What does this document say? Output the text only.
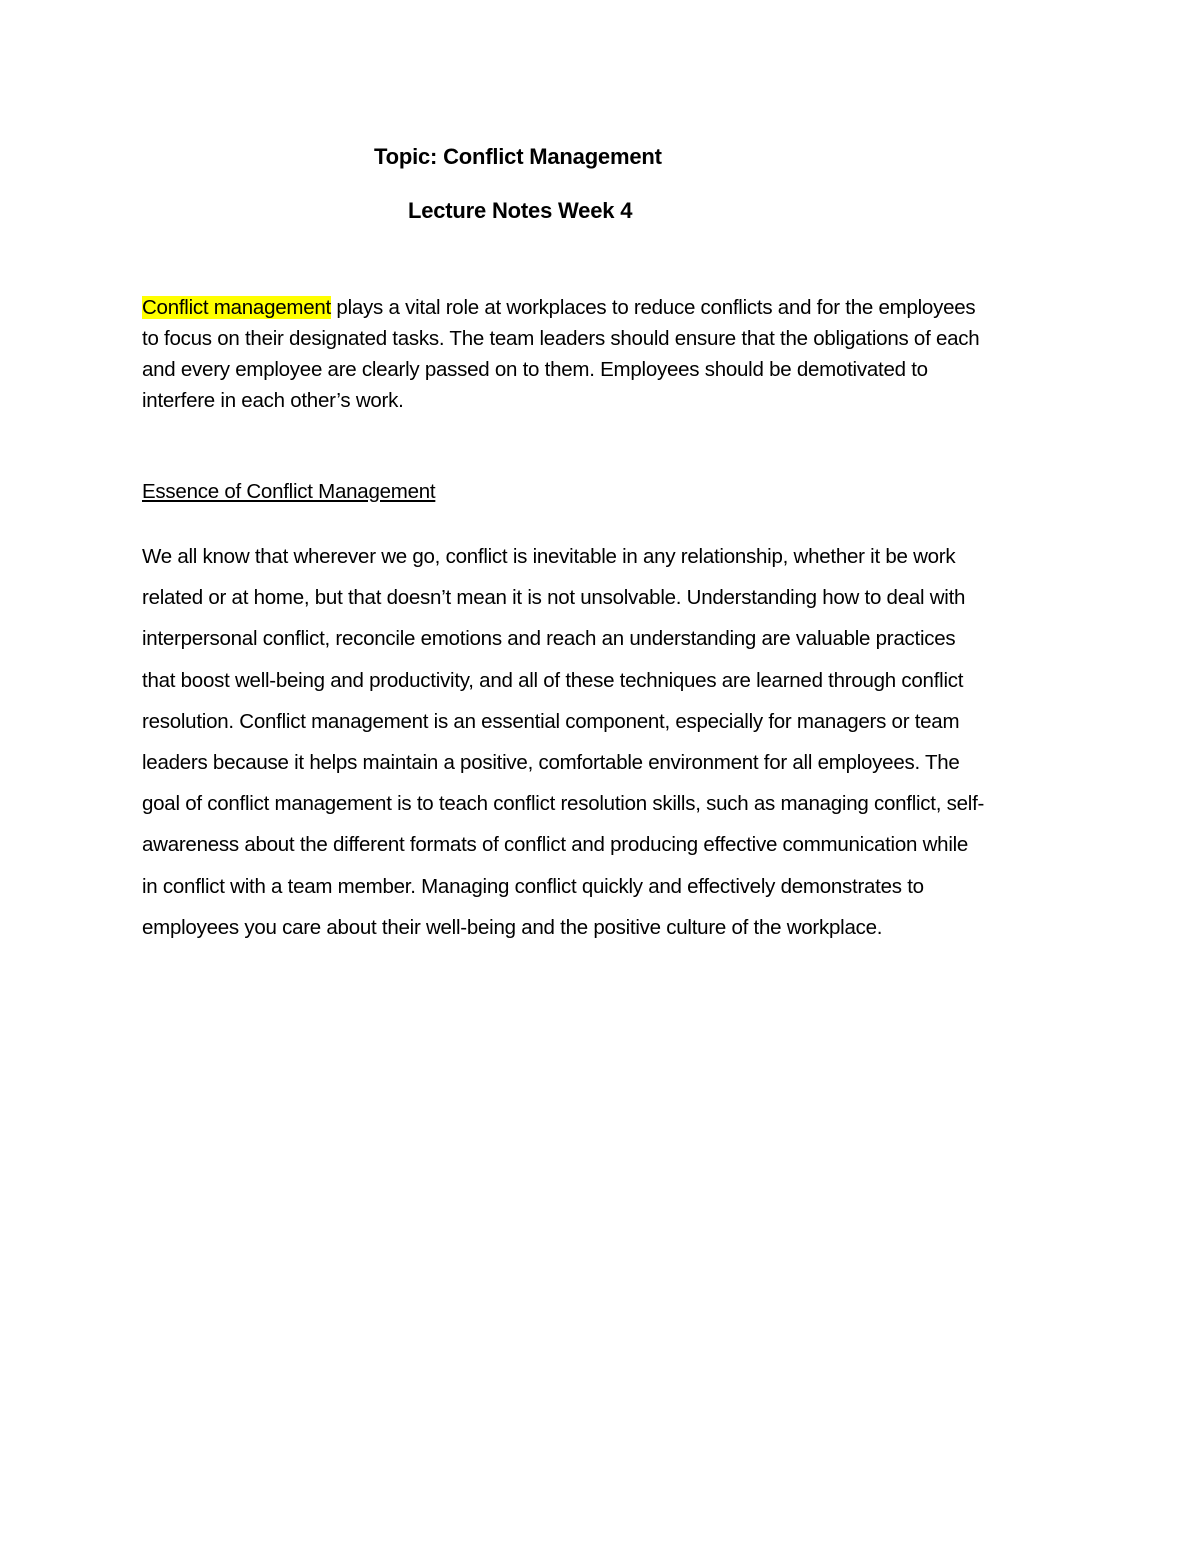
Topic: Conflict Management
Lecture Notes Week 4
Conflict management plays a vital role at workplaces to reduce conflicts and for the employees
to focus on their designated tasks. The team leaders should ensure that the obligations of each
and every employee are clearly passed on to them. Employees should be demotivated to
interfere in each other’s work.
Essence of Conflict Management
We all know that wherever we go, conflict is inevitable in any relationship, whether it be work
related or at home, but that doesn’t mean it is not unsolvable. Understanding how to deal with
interpersonal conflict, reconcile emotions and reach an understanding are valuable practices
that boost well-being and productivity, and all of these techniques are learned through conflict
resolution. Conflict management is an essential component, especially for managers or team
leaders because it helps maintain a positive, comfortable environment for all employees. The
goal of conflict management is to teach conflict resolution skills, such as managing conflict, self-
awareness about the different formats of conflict and producing effective communication while
in conflict with a team member. Managing conflict quickly and effectively demonstrates to
employees you care about their well-being and the positive culture of the workplace.
